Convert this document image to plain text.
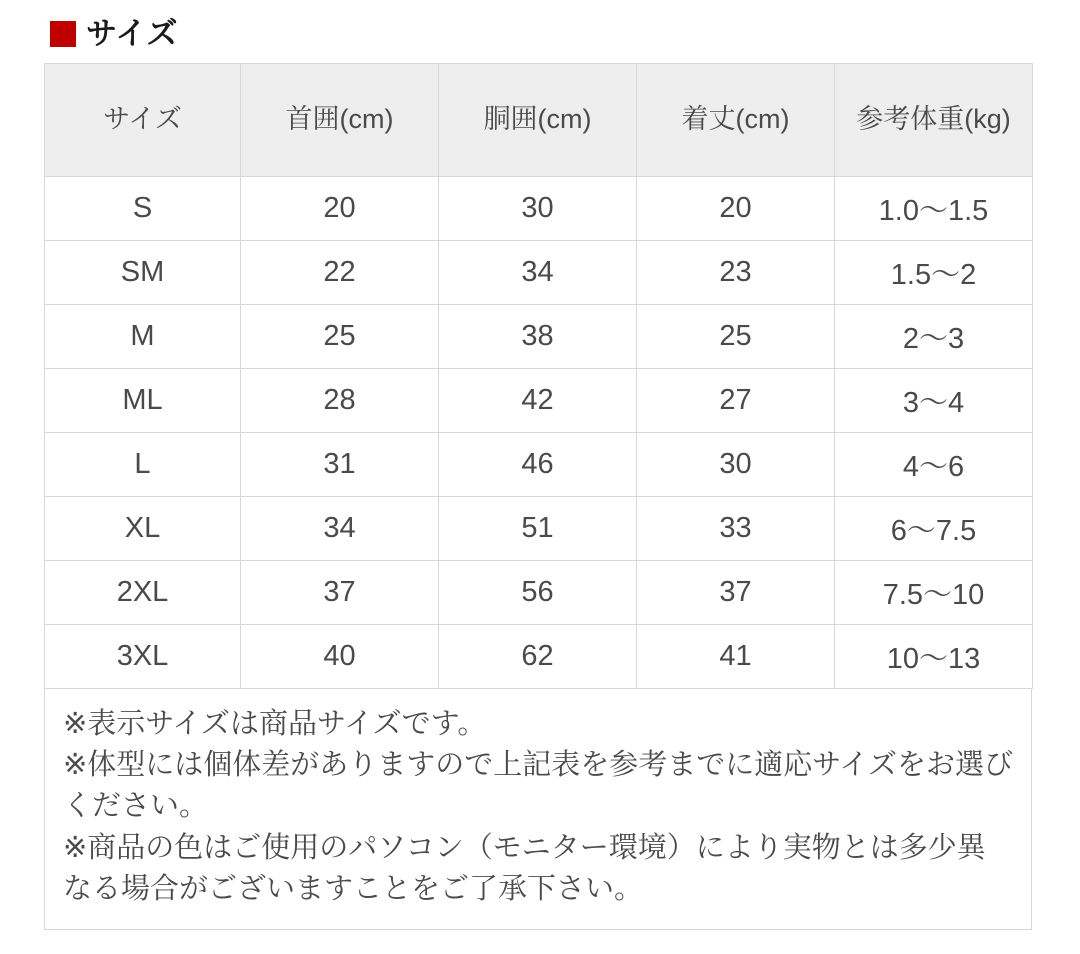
サイズ
サイズ	首囲(cm)	胴囲(cm)	着丈(cm)	参考体重(kg)
S	20	30	20	1.0〜1.5
SM	22	34	23	1.5〜2
M	25	38	25	2〜3
ML	28	42	27	3〜4
L	31	46	30	4〜6
XL	34	51	33	6〜7.5
2XL	37	56	37	7.5〜10
3XL	40	62	41	10〜13
※表示サイズは商品サイズです。
※体型には個体差がありますので上記表を参考までに適応サイズをお選びください。
※商品の色はご使用のパソコン（モニター環境）により実物とは多少異なる場合がございますことをご了承下さい。
